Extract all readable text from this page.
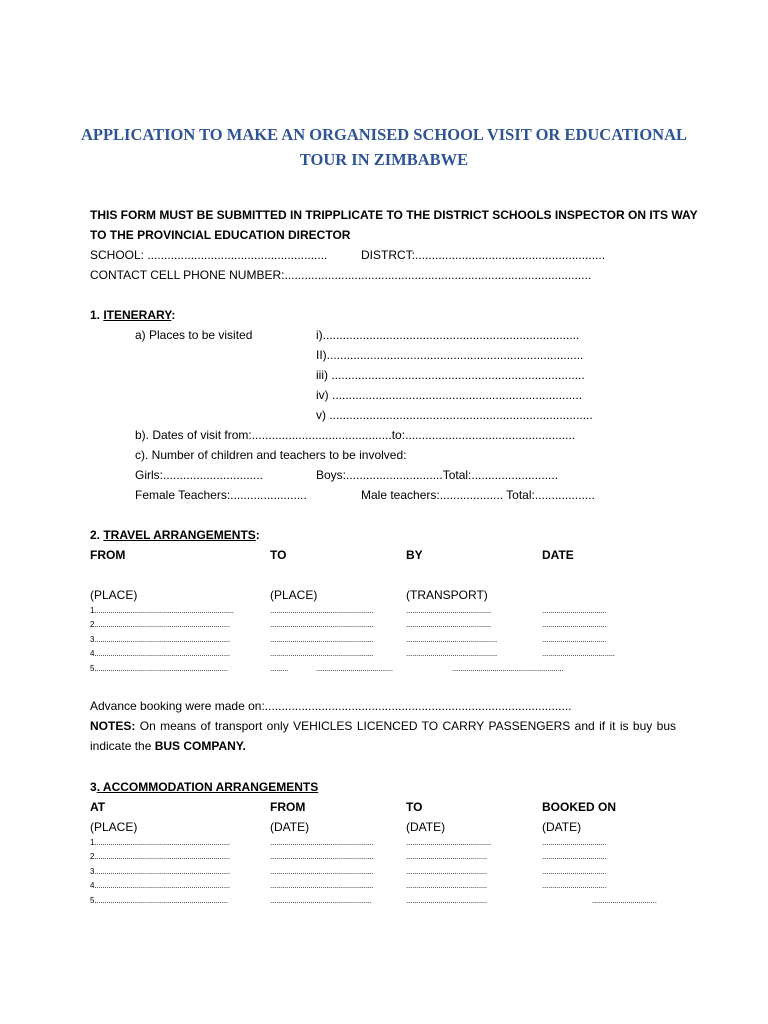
APPLICATION TO MAKE AN ORGANISED SCHOOL VISIT OR EDUCATIONAL
TOUR IN ZIMBABWE
THIS FORM MUST BE SUBMITTED IN TRIPPLICATE TO THE DISTRICT SCHOOLS INSPECTOR ON ITS WAY
TO THE PROVINCIAL EDUCATION DIRECTOR
SCHOOL: ......................................................	DISTRCT:.........................................................
CONTACT CELL PHONE NUMBER:............................................................................................
1. ITENERARY:
a) Places to be visited	i).............................................................................
II).............................................................................
iii) ............................................................................
iv) ...........................................................................
v) ...............................................................................
b). Dates of visit from:..........................................to:...................................................
c). Number of children and teachers to be involved:
Girls:..............................	Boys:.............................Total:..........................
Female Teachers:.......................	Male teachers:................... Total:..................
2. TRAVEL ARRANGEMENTS:
FROM	TO	BY	DATE
(PLACE)	(PLACE)	(TRANSPORT)
1.....................................................................	...................................................	..........................................	................................
2...................................................................	...................................................	..........................................	................................
3...................................................................	...................................................	.............................................	................................
4...................................................................	...................................................	.............................................	....................................
5..................................................................	.........	......................................	.......................................................
Advance booking were made on:............................................................................................
NOTES: On means of transport only VEHICLES LICENCED TO CARRY PASSENGERS and if it is buy bus indicate the BUS COMPANY.
3. ACCOMMODATION ARRANGEMENTS
AT	FROM	TO	BOOKED ON
(PLACE)	(DATE)	(DATE)	(DATE)
1...................................................................	...................................................	..........................................	................................
2...................................................................	...................................................	........................................	................................
3...................................................................	...................................................	........................................	................................
4...................................................................	...................................................	........................................	................................
5..................................................................	..................................................	........................................	................................
